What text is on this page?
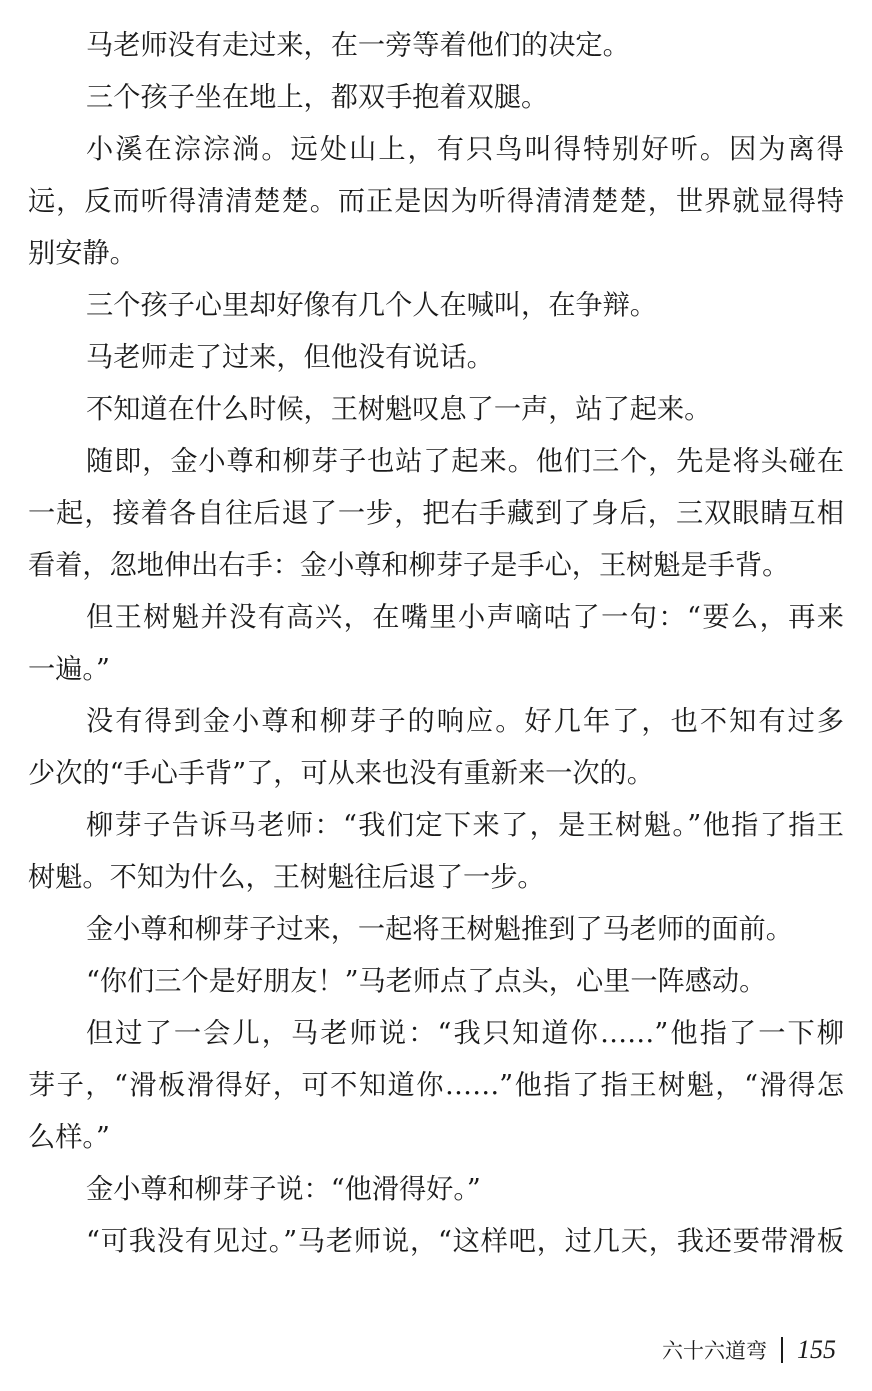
马老师没有走过来，在一旁等着他们的决定。
三个孩子坐在地上，都双手抱着双腿。
小溪在淙淙淌。远处山上，有只鸟叫得特别好听。因为离得
远，反而听得清清楚楚。而正是因为听得清清楚楚，世界就显得特
别安静。
三个孩子心里却好像有几个人在喊叫，在争辩。
马老师走了过来，但他没有说话。
不知道在什么时候，王树魁叹息了一声，站了起来。
随即，金小尊和柳芽子也站了起来。他们三个，先是将头碰在
一起，接着各自往后退了一步，把右手藏到了身后，三双眼睛互相
看着，忽地伸出右手：金小尊和柳芽子是手心，王树魁是手背。
但王树魁并没有高兴，在嘴里小声嘀咕了一句：“要么，再来
一遍。”
没有得到金小尊和柳芽子的响应。好几年了，也不知有过多
少次的“手心手背”了，可从来也没有重新来一次的。
柳芽子告诉马老师：“我们定下来了，是王树魁。”他指了指王
树魁。不知为什么，王树魁往后退了一步。
金小尊和柳芽子过来，一起将王树魁推到了马老师的面前。
“你们三个是好朋友！”马老师点了点头，心里一阵感动。
但过了一会儿，马老师说：“我只知道你……”他指了一下柳
芽子，“滑板滑得好，可不知道你……”他指了指王树魁，“滑得怎
么样。”
金小尊和柳芽子说：“他滑得好。”
“可我没有见过。”马老师说，“这样吧，过几天，我还要带滑板
六十六道弯 155
